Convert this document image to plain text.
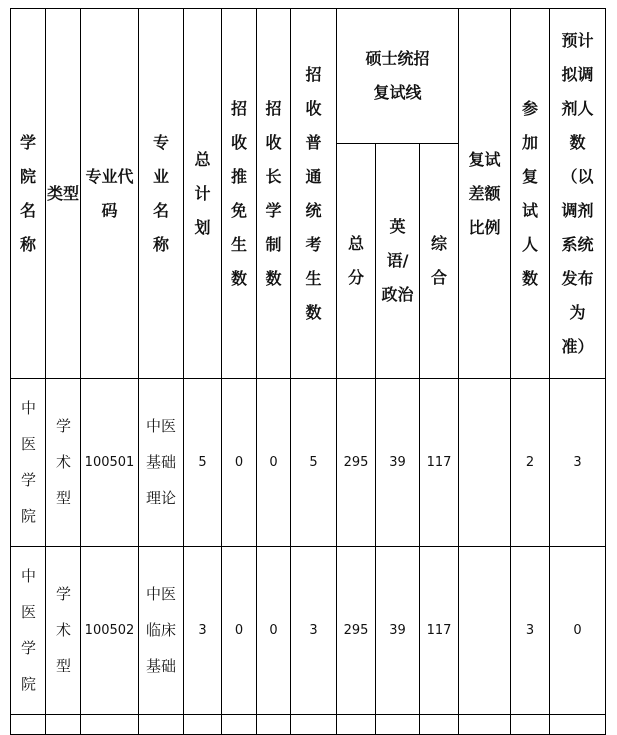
学院名称	类型	专业代码	专业名称	总计划	招收推免生数	招收长学制数	招收普通统考生数	硕士统招复试线			复试差额比例	参加复试人数	预计拟调剂人数（以调剂系统发布为准）
								总分	英语/政治	综合			
中医学院	学术型	100501	中医基础理论	5	0	0	5	295	39	117		2	3
中医学院	学术型	100502	中医临床基础	3	0	0	3	295	39	117		3	0
